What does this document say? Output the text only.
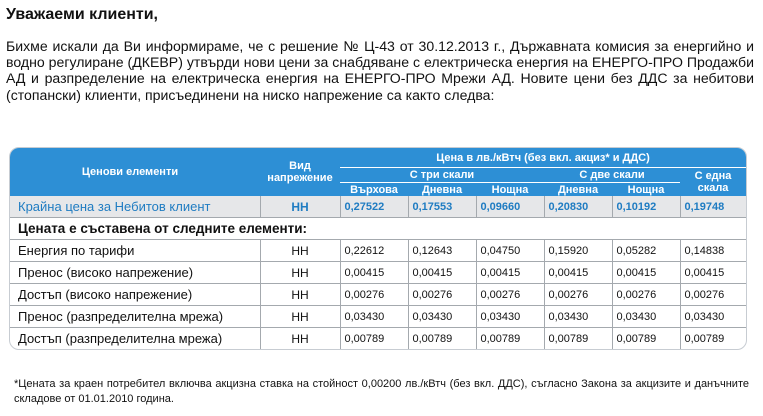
Уважаеми клиенти,

Бихме искали да Ви информираме, че с решение № Ц-43 от 30.12.2013 г., Държавната комисия за енергийно и водно регулиране (ДКЕВР) утвърди нови цени за снабдяване с електрическа енергия на ЕНЕРГО-ПРО Продажби АД и разпределение на електрическа енергия на ЕНЕРГО-ПРО Мрежи АД. Новите цени без ДДС за небитови (стопански) клиенти, присъединени на ниско напрежение са както следва:

Ценови елементи	Вид напрежение	Цена в лв./кВтч (без вкл. акциз* и ДДС)					
		С три скали			С две скали		С една скала
		Върхова	Дневна	Нощна	Дневна	Нощна	
Крайна цена за Небитов клиент	НН	0,27522	0,17553	0,09660	0,20830	0,10192	0,19748
Цената е съставена от следните елементи:							
Енергия по тарифи	НН	0,22612	0,12643	0,04750	0,15920	0,05282	0,14838
Пренос (високо напрежение)	НН	0,00415	0,00415	0,00415	0,00415	0,00415	0,00415
Достъп (високо напрежение)	НН	0,00276	0,00276	0,00276	0,00276	0,00276	0,00276
Пренос (разпределителна мрежа)	НН	0,03430	0,03430	0,03430	0,03430	0,03430	0,03430
Достъп (разпределителна мрежа)	НН	0,00789	0,00789	0,00789	0,00789	0,00789	0,00789

*Цената за краен потребител включва акцизна ставка на стойност 0,00200 лв./кВтч (без вкл. ДДС), съгласно Закона за акцизите и данъчните складове от 01.01.2010 година.
